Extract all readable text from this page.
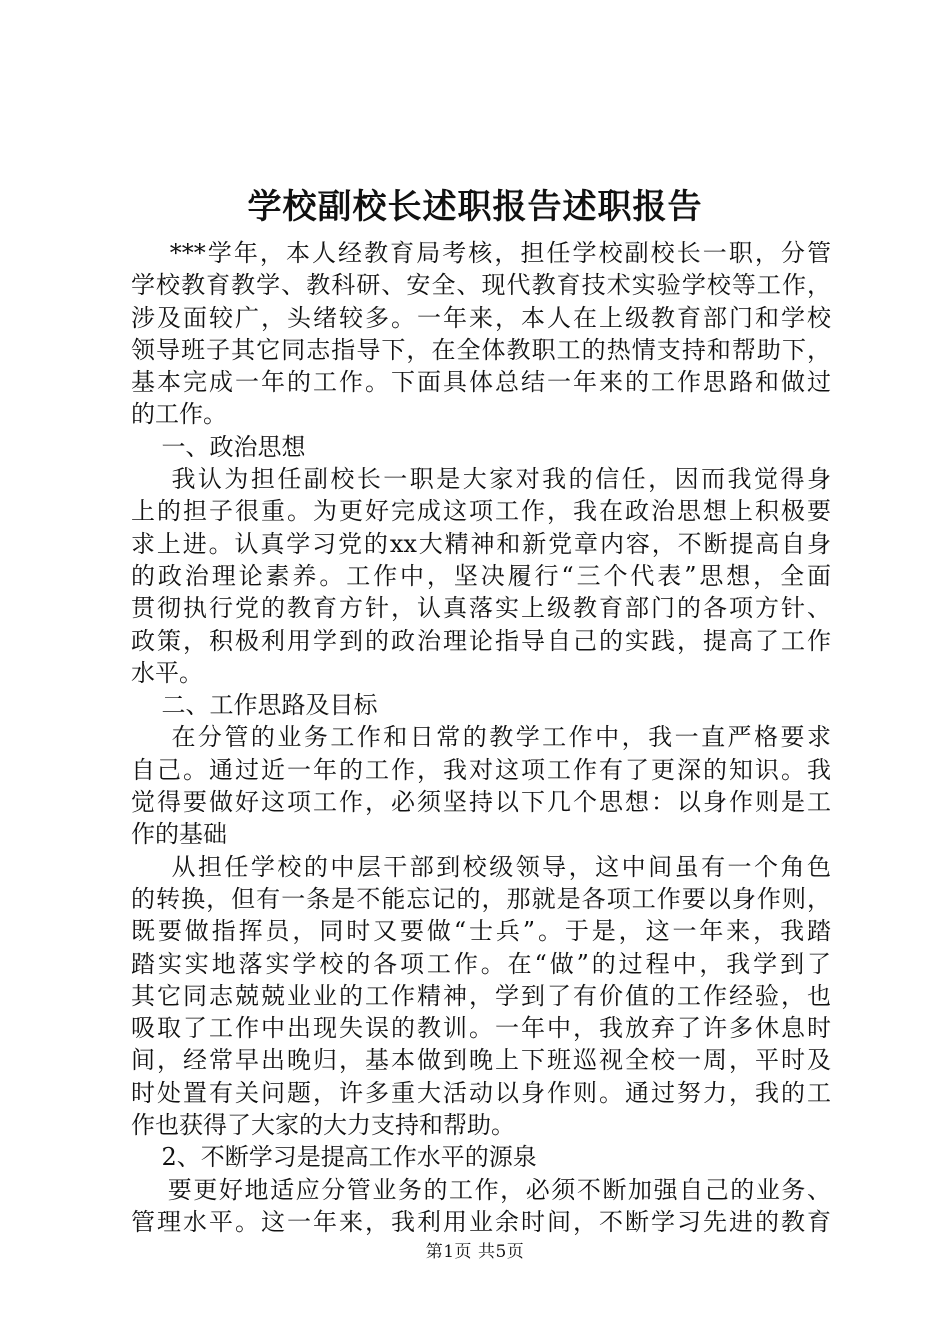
学校副校长述职报告述职报告
***学年，本人经教育局考核，担任学校副校长一职，分管
学校教育教学、教科研、安全、现代教育技术实验学校等工作，
涉及面较广，头绪较多。一年来，本人在上级教育部门和学校
领导班子其它同志指导下，在全体教职工的热情支持和帮助下，
基本完成一年的工作。下面具体总结一年来的工作思路和做过
的工作。
一、政治思想
我认为担任副校长一职是大家对我的信任，因而我觉得身
上的担子很重。为更好完成这项工作，我在政治思想上积极要
求上进。认真学习党的xx大精神和新党章内容，不断提高自身
的政治理论素养。工作中，坚决履行“三个代表”思想，全面
贯彻执行党的教育方针，认真落实上级教育部门的各项方针、
政策，积极利用学到的政治理论指导自己的实践，提高了工作
水平。
二、工作思路及目标
在分管的业务工作和日常的教学工作中，我一直严格要求
自己。通过近一年的工作，我对这项工作有了更深的知识。我
觉得要做好这项工作，必须坚持以下几个思想：以身作则是工
作的基础
从担任学校的中层干部到校级领导，这中间虽有一个角色
的转换，但有一条是不能忘记的，那就是各项工作要以身作则，
既要做指挥员，同时又要做“士兵”。于是，这一年来，我踏
踏实实地落实学校的各项工作。在“做”的过程中，我学到了
其它同志兢兢业业的工作精神，学到了有价值的工作经验，也
吸取了工作中出现失误的教训。一年中，我放弃了许多休息时
间，经常早出晚归，基本做到晚上下班巡视全校一周，平时及
时处置有关问题，许多重大活动以身作则。通过努力，我的工
作也获得了大家的大力支持和帮助。
2、不断学习是提高工作水平的源泉
要更好地适应分管业务的工作，必须不断加强自己的业务、
管理水平。这一年来，我利用业余时间，不断学习先进的教育
第1页 共5页
